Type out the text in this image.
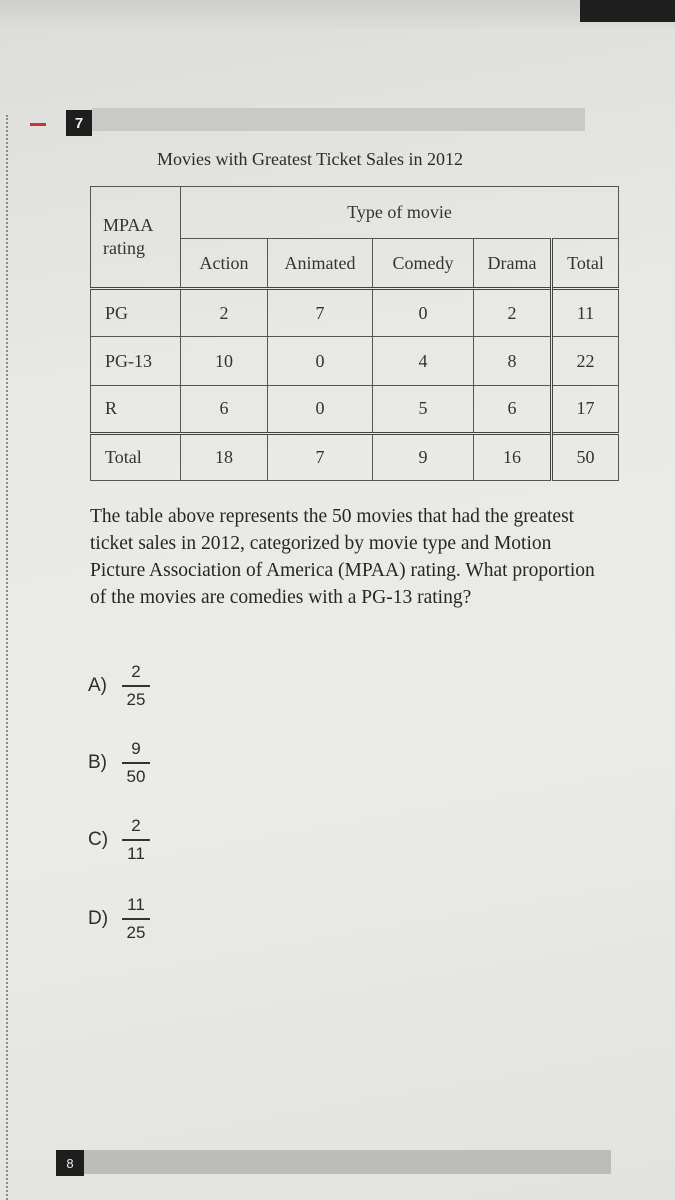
7
Movies with Greatest Ticket Sales in 2012
MPAA
rating	Type of movie				
	Action	Animated	Comedy	Drama	Total
PG	2	7	0	2	11
PG-13	10	0	4	8	22
R	6	0	5	6	17
Total	18	7	9	16	50
The table above represents the 50 movies that had the greatest ticket sales in 2012, categorized by movie type and Motion Picture Association of America (MPAA) rating. What proportion of the movies are comedies with a PG-13 rating?
$A) \frac{2}{25}$
$B) \frac{9}{50}$
$C) \frac{2}{11}$
$D) \frac{11}{25}$
8
